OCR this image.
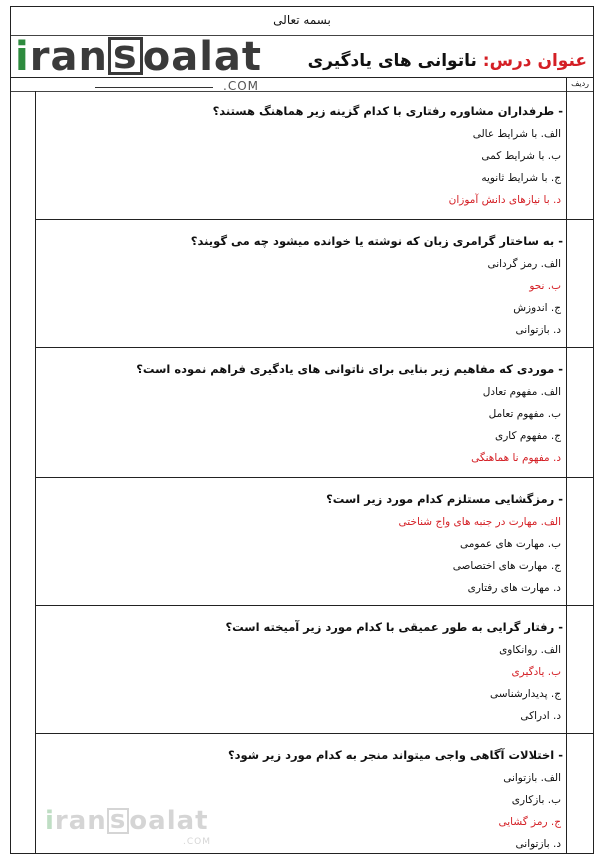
بسمه تعالی
iran s oalat
.COM
عنوان درس: ناتوانی های یادگیری
ردیف
- طرفداران مشاوره رفتاری با کدام گزینه زیر هماهنگ هستند؟
الف. با شرایط عالی
ب. با شرایط کمی
ج. با شرایط ثانویه
د. با نیازهای دانش آموزان
- به ساختار گرامری زبان که نوشته یا خوانده میشود چه می گویند؟
الف. رمز گردانی
ب. نحو
ج. اندوزش
د. بازتوانی
- موردی که مفاهیم زیر بنایی برای ناتوانی های یادگیری فراهم نموده است؟
الف. مفهوم تعادل
ب. مفهوم تعامل
ج. مفهوم کاری
د. مفهوم نا هماهنگی
- رمزگشایی مستلزم کدام مورد زیر است؟
الف. مهارت در جنبه های واج شناختی
ب. مهارت های عمومی
ج. مهارت های اختصاصی
د. مهارت های رفتاری
- رفتار گرایی به طور عمیقی با کدام مورد زیر آمیخته است؟
الف. روانکاوی
ب. یادگیری
ج. پدیدارشناسی
د. ادراکی
- اختلالات آگاهی واجی میتواند منجر به کدام مورد زیر شود؟
الف. بازتوانی
ب. بازکاری
ج. رمز گشایی
د. بازتوانی
iran s oalat
.COM
